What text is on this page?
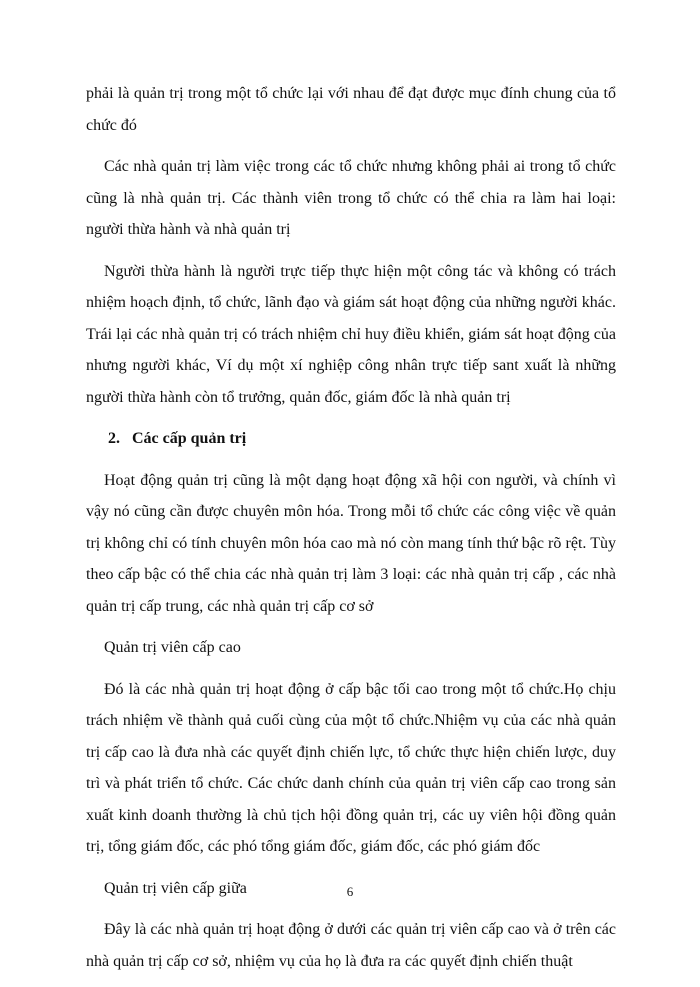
phải là quản trị trong một tổ chức lại với nhau để đạt được mục đính chung của tổ chức đó

Các nhà quản trị làm việc trong các tổ chức nhưng không phải ai trong tổ chức cũng là nhà quản trị. Các thành viên trong tổ chức có thể chia ra làm hai loại: người thừa hành và nhà quản trị

Người thừa hành là người trực tiếp thực hiện một công tác và không có trách nhiệm hoạch định, tổ chức, lãnh đạo và giám sát hoạt động của những người khác. Trái lại các nhà quản trị có trách nhiệm chỉ huy điều khiển, giám sát hoạt động của nhưng người khác, Ví dụ một xí nghiệp công nhân trực tiếp sant xuất là những người thừa hành còn tổ trưởng, quản đốc, giám đốc là nhà quản trị

2. Các cấp quản trị

Hoạt động quản trị cũng là một dạng hoạt động xã hội con người, và chính vì vậy nó cũng cần được chuyên môn hóa. Trong mỗi tổ chức các công việc về quản trị không chỉ có tính chuyên môn hóa cao mà nó còn mang tính thứ bậc rõ rệt. Tùy theo cấp bậc có thể chia các nhà quản trị làm 3 loại: các nhà quản trị cấp , các nhà quản trị cấp trung, các nhà quản trị cấp cơ sở

Quản trị viên cấp cao

Đó là các nhà quản trị hoạt động ở cấp bậc tối cao trong một tổ chức.Họ chịu trách nhiệm về thành quả cuối cùng của một tổ chức.Nhiệm vụ của các nhà quản trị cấp cao là đưa nhà các quyết định chiến lực, tổ chức thực hiện chiến lược, duy trì và phát triển tổ chức. Các chức danh chính của quản trị viên cấp cao trong sản xuất kinh doanh thường là chủ tịch hội đồng quản trị, các uy viên hội đồng quản trị, tổng giám đốc, các phó tổng giám đốc, giám đốc, các phó giám đốc

Quản trị viên cấp giữa

Đây là các nhà quản trị hoạt động ở dưới các quản trị viên cấp cao và ở trên các nhà quản trị cấp cơ sở, nhiệm vụ của họ là đưa ra các quyết định chiến thuật

6
